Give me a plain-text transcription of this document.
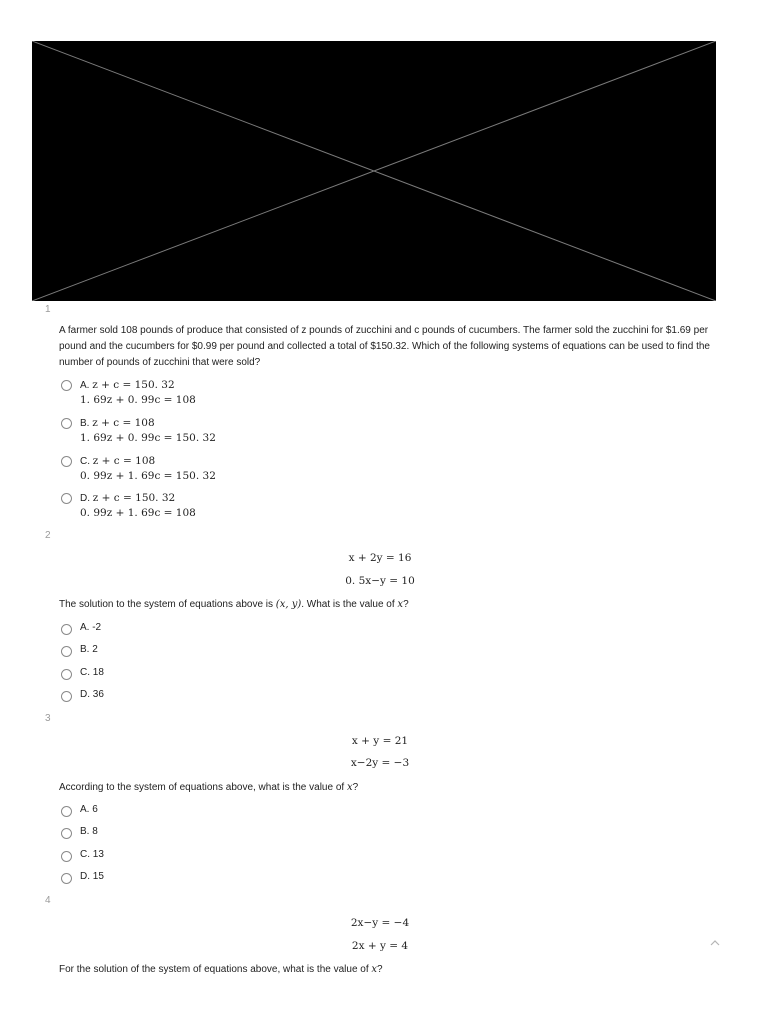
1
A farmer sold 108 pounds of produce that consisted of z pounds of zucchini and c pounds of cucumbers. The farmer sold the zucchini for $1.69 per pound and the cucumbers for $0.99 per pound and collected a total of $150.32. Which of the following systems of equations can be used to find the number of pounds of zucchini that were sold?
A. z + c = 150. 32
1. 69z + 0. 99c = 108
B. z + c = 108
1. 69z + 0. 99c = 150. 32
C. z + c = 108
0. 99z + 1. 69c = 150. 32
D. z + c = 150. 32
0. 99z + 1. 69c = 108
2
x + 2y = 16
0. 5x−y = 10
The solution to the system of equations above is (x, y). What is the value of x?
A. -2
B. 2
C. 18
D. 36
3
x + y = 21
x−2y = −3
According to the system of equations above, what is the value of x?
A. 6
B. 8
C. 13
D. 15
4
2x−y = −4
2x + y = 4
For the solution of the system of equations above, what is the value of x?
